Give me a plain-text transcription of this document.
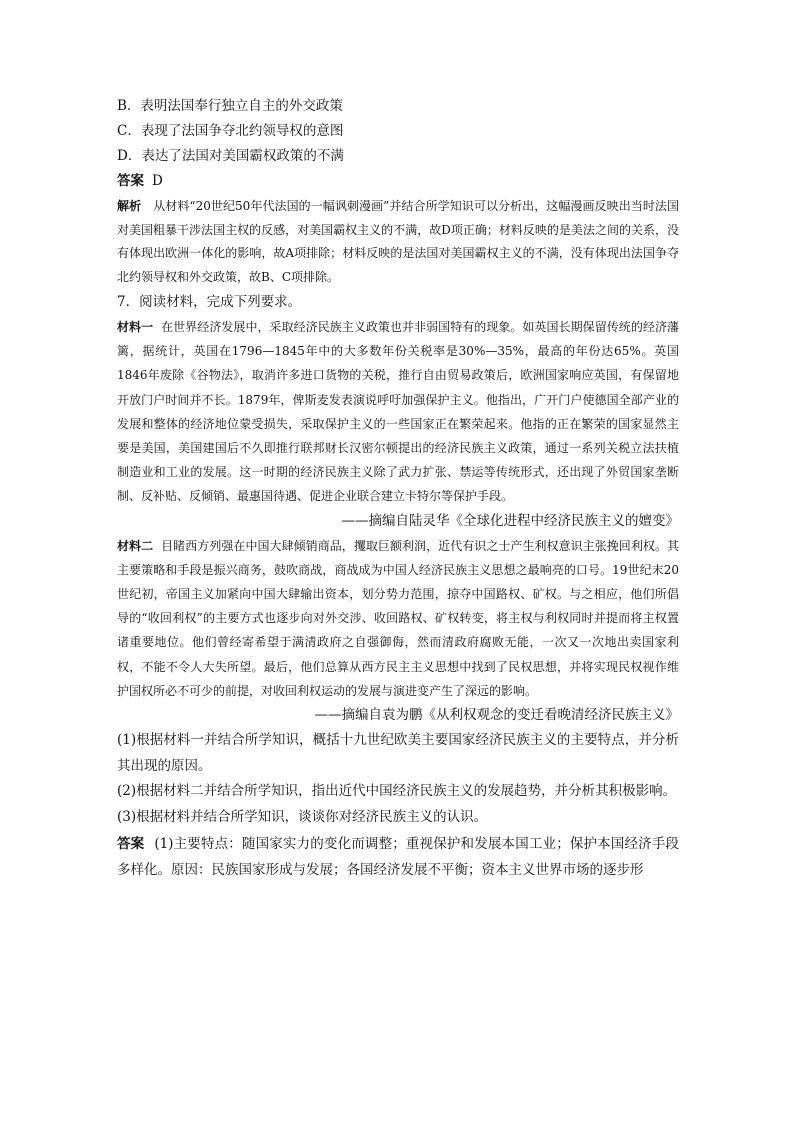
B．表明法国奉行独立自主的外交政策

C．表现了法国争夺北约领导权的意图

D．表达了法国对美国霸权政策的不满

答案 D

解析　 从材料“20世纪50年代法国的一幅讽刺漫画”并结合所学知识可以分析出，这幅漫画反映出当时法国对美国粗暴干涉法国主权的反感，对美国霸权主义的不满，故D项正确；材料反映的是美法之间的关系，没有体现出欧洲一体化的影响，故A项排除；材料反映的是法国对美国霸权主义的不满，没有体现出法国争夺北约领导权和外交政策，故B、C项排除。

7．阅读材料，完成下列要求。

材料一 在世界经济发展中，采取经济民族主义政策也并非弱国特有的现象。如英国长期保留传统的经济藩篱，据统计，英国在1796—1845年中的大多数年份关税率是30%—35%，最高的年份达65%。英国1846年废除《谷物法》，取消许多进口货物的关税，推行自由贸易政策后，欧洲国家响应英国，有保留地开放门户时间并不长。1879年，俾斯麦发表演说呼吁加强保护主义。他指出，广开门户使德国全部产业的发展和整体的经济地位蒙受损失，采取保护主义的一些国家正在繁荣起来。他指的正在繁荣的国家显然主要是美国，美国建国后不久即推行联邦财长汉密尔顿提出的经济民族主义政策，通过一系列关税立法扶植制造业和工业的发展。这一时期的经济民族主义除了武力扩张、禁运等传统形式，还出现了外贸国家垄断制、反补贴、反倾销、最惠国待遇、促进企业联合建立卡特尔等保护手段。

——摘编自陆灵华《全球化进程中经济民族主义的嬗变》

材料二 目睹西方列强在中国大肆倾销商品，攫取巨额利润，近代有识之士产生利权意识主张挽回利权。其主要策略和手段是振兴商务，鼓吹商战，商战成为中国人经济民族主义思想之最响亮的口号。19世纪末20世纪初，帝国主义加紧向中国大肆输出资本，划分势力范围，掠夺中国路权、矿权。与之相应，他们所倡导的“收回利权”的主要方式也逐步向对外交涉、收回路权、矿权转变，将主权与利权同时并提而将主权置诸重要地位。他们曾经寄希望于满清政府之自强御侮，然而清政府腐败无能，一次又一次地出卖国家利权，不能不令人大失所望。最后，他们总算从西方民主主义思想中找到了民权思想，并将实现民权视作维护国权所必不可少的前提，对收回利权运动的发展与演进变产生了深远的影响。

——摘编自袁为鹏《从利权观念的变迁看晚清经济民族主义》

(1)根据材料一并结合所学知识，概括十九世纪欧美主要国家经济民族主义的主要特点，并分析其出现的原因。

(2)根据材料二并结合所学知识，指出近代中国经济民族主义的发展趋势，并分析其积极影响。

(3)根据材料并结合所学知识，谈谈你对经济民族主义的认识。

答案 (1)主要特点：随国家实力的变化而调整；重视保护和发展本国工业；保护本国经济手段多样化。原因：民族国家形成与发展；各国经济发展不平衡；资本主义世界市场的逐步形
